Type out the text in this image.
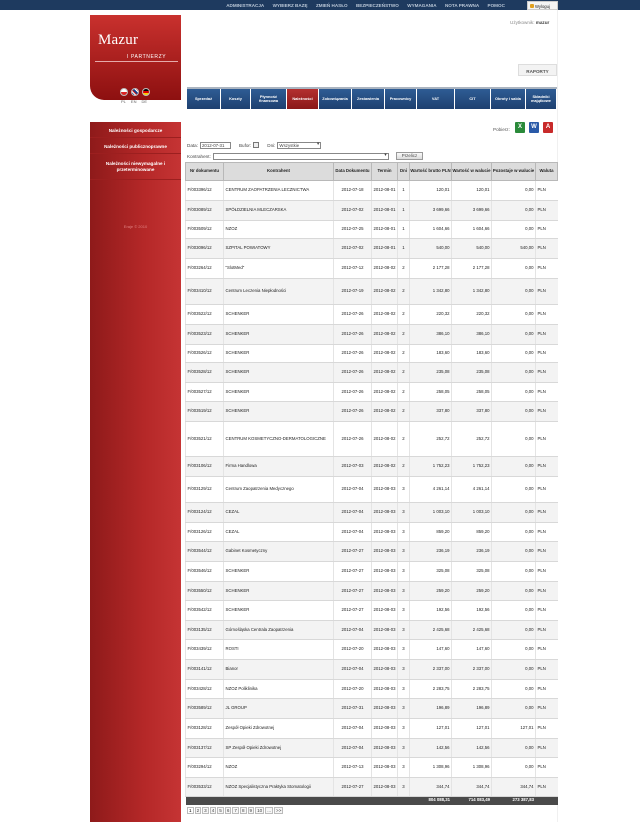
ADMINISTRACJA	WYBIERZ BAZĘ	ZMIEŃ HASŁO	BEZPIECZEŃSTWO	WYMAGANIA	NOTA PRAWNA	POMOC	Wyloguj
Mazur
I PARTNERZY
PL EN DE
Należności gospodarcze
Należności publicznoprawne
Należności niewymagalne i przeterminowane
Eraje © 2010
Użytkownik: mazur
RAPORTY
Sprzedaż	Koszty	Płynność finansowa	Należności	Zobowiązania	Zestawienia	Pracownicy	VAT	CIT	Obroty i salda	Składniki majątkowe
Pobierz:	X	W	A
Data: 2012-07-31	Bufor:	Dni: Wszystkie ▾
Kontrahent: ▾	Przelicz
Nr dokumentu	Kontrahent	Data Dokumentu	Termin	Dni	Wartość brutto PLN	Wartość w walucie	Pozostaje w walucie	Waluta
F/003396/12	CENTRUM ZAOPATRZENIA LECZNICTWA	2012-07-18	2012-08-01	1	120,01	120,01	0,00	PLN
F/003089/12	SPÓŁDZIELNIA MLECZARSKA	2012-07-02	2012-08-01	1	3 699,66	3 699,66	0,00	PLN
F/003509/12	NZOZ	2012-07-25	2012-08-01	1	1 604,66	1 604,66	0,00	PLN
F/003096/12	SZPITAL POWIATOWY	2012-07-02	2012-08-01	1	540,00	540,00	540,00	PLN
F/003264/12	"SlotMed"	2012-07-12	2012-08-02	2	2 177,28	2 177,28	0,00	PLN
F/003410/12	Centrum Leczenia Niepłodności	2012-07-19	2012-08-02	2	1 342,80	1 342,80	0,00	PLN
F/003522/12	SCHENKER	2012-07-26	2012-08-02	2	220,32	220,32	0,00	PLN
F/003523/12	SCHENKER	2012-07-26	2012-08-02	2	386,10	386,10	0,00	PLN
F/003526/12	SCHENKER	2012-07-26	2012-08-02	2	183,60	183,60	0,00	PLN
F/003528/12	SCHENKER	2012-07-26	2012-08-02	2	235,08	235,08	0,00	PLN
F/003527/12	SCHENKER	2012-07-26	2012-08-02	2	258,05	258,05	0,00	PLN
F/003519/12	SCHENKER	2012-07-26	2012-08-02	2	337,80	337,80	0,00	PLN
F/003521/12	CENTRUM KOSMETYCZNO-DERMATOLOGICZNE	2012-07-26	2012-08-02	2	252,72	252,72	0,00	PLN
F/003106/12	Firma Handlowa	2012-07-03	2012-08-02	2	1 752,23	1 752,23	0,00	PLN
F/003129/12	Centrum Zaopatrzenia Medycznego	2012-07-04	2012-08-03	3	4 261,14	4 261,14	0,00	PLN
F/003124/12	CEZAL	2012-07-04	2012-08-03	3	1 003,10	1 003,10	0,00	PLN
F/003126/12	CEZAL	2012-07-04	2012-08-03	3	859,20	859,20	0,00	PLN
F/003544/12	Gabinet Kosmetyczny	2012-07-27	2012-08-03	3	236,19	236,19	0,00	PLN
F/003546/12	SCHENKER	2012-07-27	2012-08-03	3	325,08	325,08	0,00	PLN
F/003550/12	SCHENKER	2012-07-27	2012-08-03	3	259,20	259,20	0,00	PLN
F/003542/12	SCHENKER	2012-07-27	2012-08-03	3	192,56	192,56	0,00	PLN
F/003135/12	Górnośląska Centrala Zaopatrzenia	2012-07-04	2012-08-03	3	2 425,68	2 425,68	0,00	PLN
F/003439/12	ROSTI	2012-07-20	2012-08-03	3	147,60	147,60	0,00	PLN
F/003141/12	Bianor	2012-07-04	2012-08-03	3	2 337,00	2 337,00	0,00	PLN
F/003428/12	NZOZ Poliklinika	2012-07-20	2012-08-03	3	2 283,75	2 283,75	0,00	PLN
F/003589/12	JL GROUP	2012-07-31	2012-08-03	3	196,89	196,89	0,00	PLN
F/003128/12	Zespół Opieki Zdrowotnej	2012-07-04	2012-08-03	3	127,01	127,01	127,01	PLN
F/003137/12	SP Zespół Opieki Zdrowotnej	2012-07-04	2012-08-03	3	142,56	142,56	0,00	PLN
F/003294/12	NZOZ	2012-07-13	2012-08-03	3	1 308,96	1 308,96	0,00	PLN
F/003533/12	NZOZ Specjalistyczna Praktyka Stomatologii	2012-07-27	2012-08-03	3	344,74	344,74	344,74	PLN
					804 088,31	714 083,49	273 387,83	
1	2	3	4	5	6	7	8	9	10	...	>>
